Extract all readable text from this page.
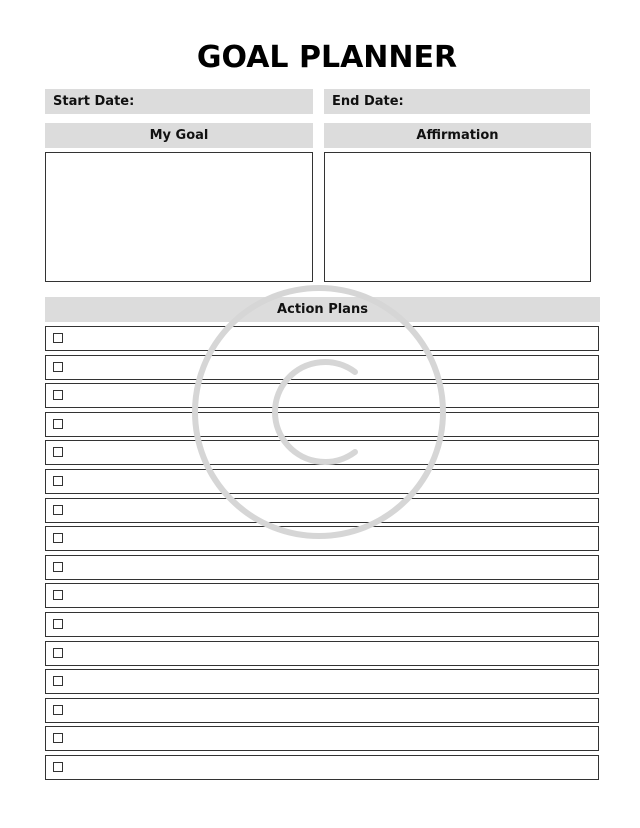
GOAL PLANNER
Start Date:	End Date:
My Goal	Affirmation
Action Plans
